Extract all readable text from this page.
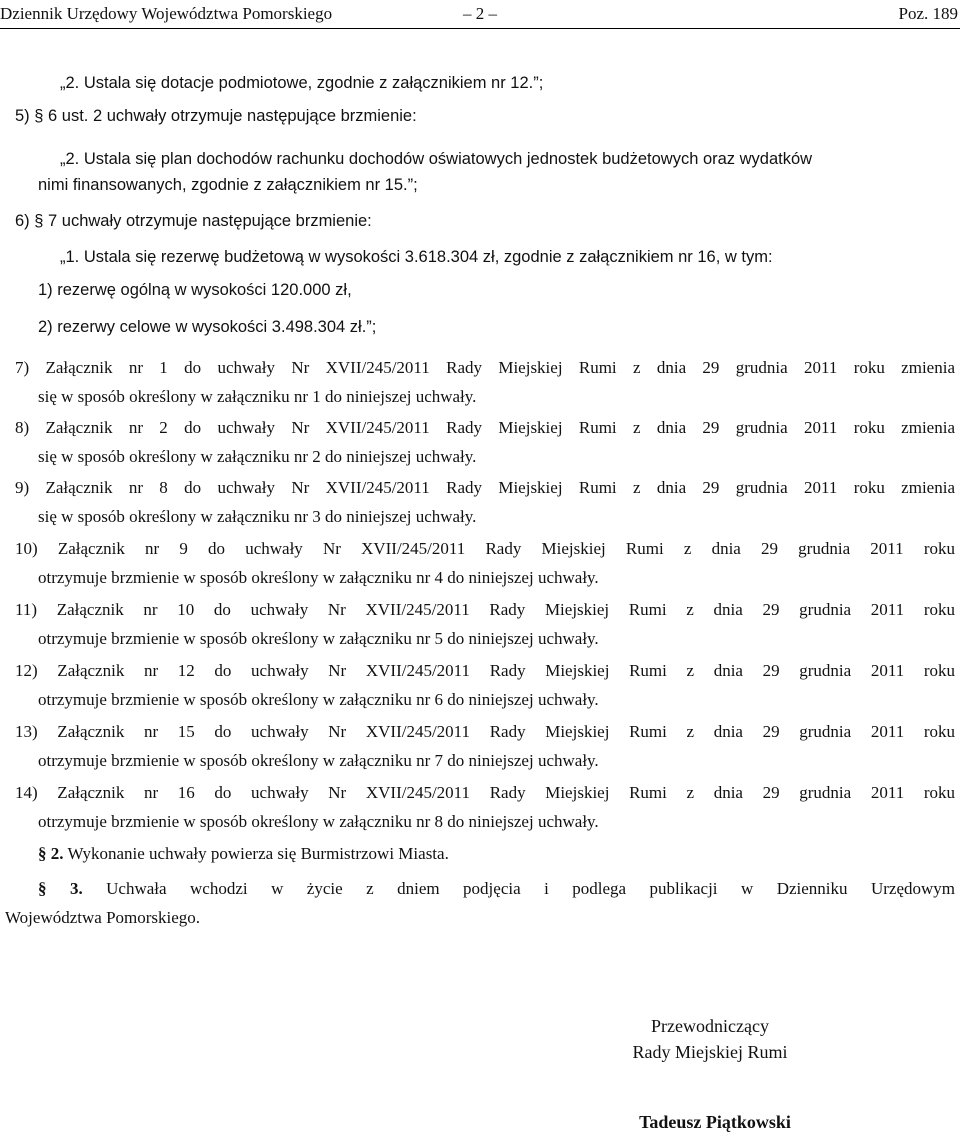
Dziennik Urzędowy Województwa Pomorskiego	– 2 –	Poz. 189
„2. Ustala się dotacje podmiotowe, zgodnie z załącznikiem nr 12.”;
5) § 6 ust. 2 uchwały otrzymuje następujące brzmienie:
„2. Ustala się plan dochodów rachunku dochodów oświatowych jednostek budżetowych oraz wydatków
nimi finansowanych, zgodnie z załącznikiem nr 15.”;
6) § 7 uchwały otrzymuje następujące brzmienie:
„1. Ustala się rezerwę budżetową w wysokości 3.618.304 zł, zgodnie z załącznikiem nr 16, w tym:
1) rezerwę ogólną w wysokości 120.000 zł,
2) rezerwy celowe w wysokości 3.498.304 zł.”;
7) Załącznik nr 1 do uchwały Nr XVII/245/2011 Rady Miejskiej Rumi z dnia 29 grudnia 2011 roku zmienia
się w sposób określony w załączniku nr 1 do niniejszej uchwały.
8) Załącznik nr 2 do uchwały Nr XVII/245/2011 Rady Miejskiej Rumi z dnia 29 grudnia 2011 roku zmienia
się w sposób określony w załączniku nr 2 do niniejszej uchwały.
9) Załącznik nr 8 do uchwały Nr XVII/245/2011 Rady Miejskiej Rumi z dnia 29 grudnia 2011 roku zmienia
się w sposób określony w załączniku nr 3 do niniejszej uchwały.
10) Załącznik nr 9 do uchwały Nr XVII/245/2011 Rady Miejskiej Rumi z dnia 29 grudnia 2011 roku
otrzymuje brzmienie w sposób określony w załączniku nr 4 do niniejszej uchwały.
11) Załącznik nr 10 do uchwały Nr XVII/245/2011 Rady Miejskiej Rumi z dnia 29 grudnia 2011 roku
otrzymuje brzmienie w sposób określony w załączniku nr 5 do niniejszej uchwały.
12) Załącznik nr 12 do uchwały Nr XVII/245/2011 Rady Miejskiej Rumi z dnia 29 grudnia 2011 roku
otrzymuje brzmienie w sposób określony w załączniku nr 6 do niniejszej uchwały.
13) Załącznik nr 15 do uchwały Nr XVII/245/2011 Rady Miejskiej Rumi z dnia 29 grudnia 2011 roku
otrzymuje brzmienie w sposób określony w załączniku nr 7 do niniejszej uchwały.
14) Załącznik nr 16 do uchwały Nr XVII/245/2011 Rady Miejskiej Rumi z dnia 29 grudnia 2011 roku
otrzymuje brzmienie w sposób określony w załączniku nr 8 do niniejszej uchwały.
§ 2. Wykonanie uchwały powierza się Burmistrzowi Miasta.
§ 3. Uchwała wchodzi w życie z dniem podjęcia i podlega publikacji w Dzienniku Urzędowym
Województwa Pomorskiego.
Przewodniczący
Rady Miejskiej Rumi
Tadeusz Piątkowski
